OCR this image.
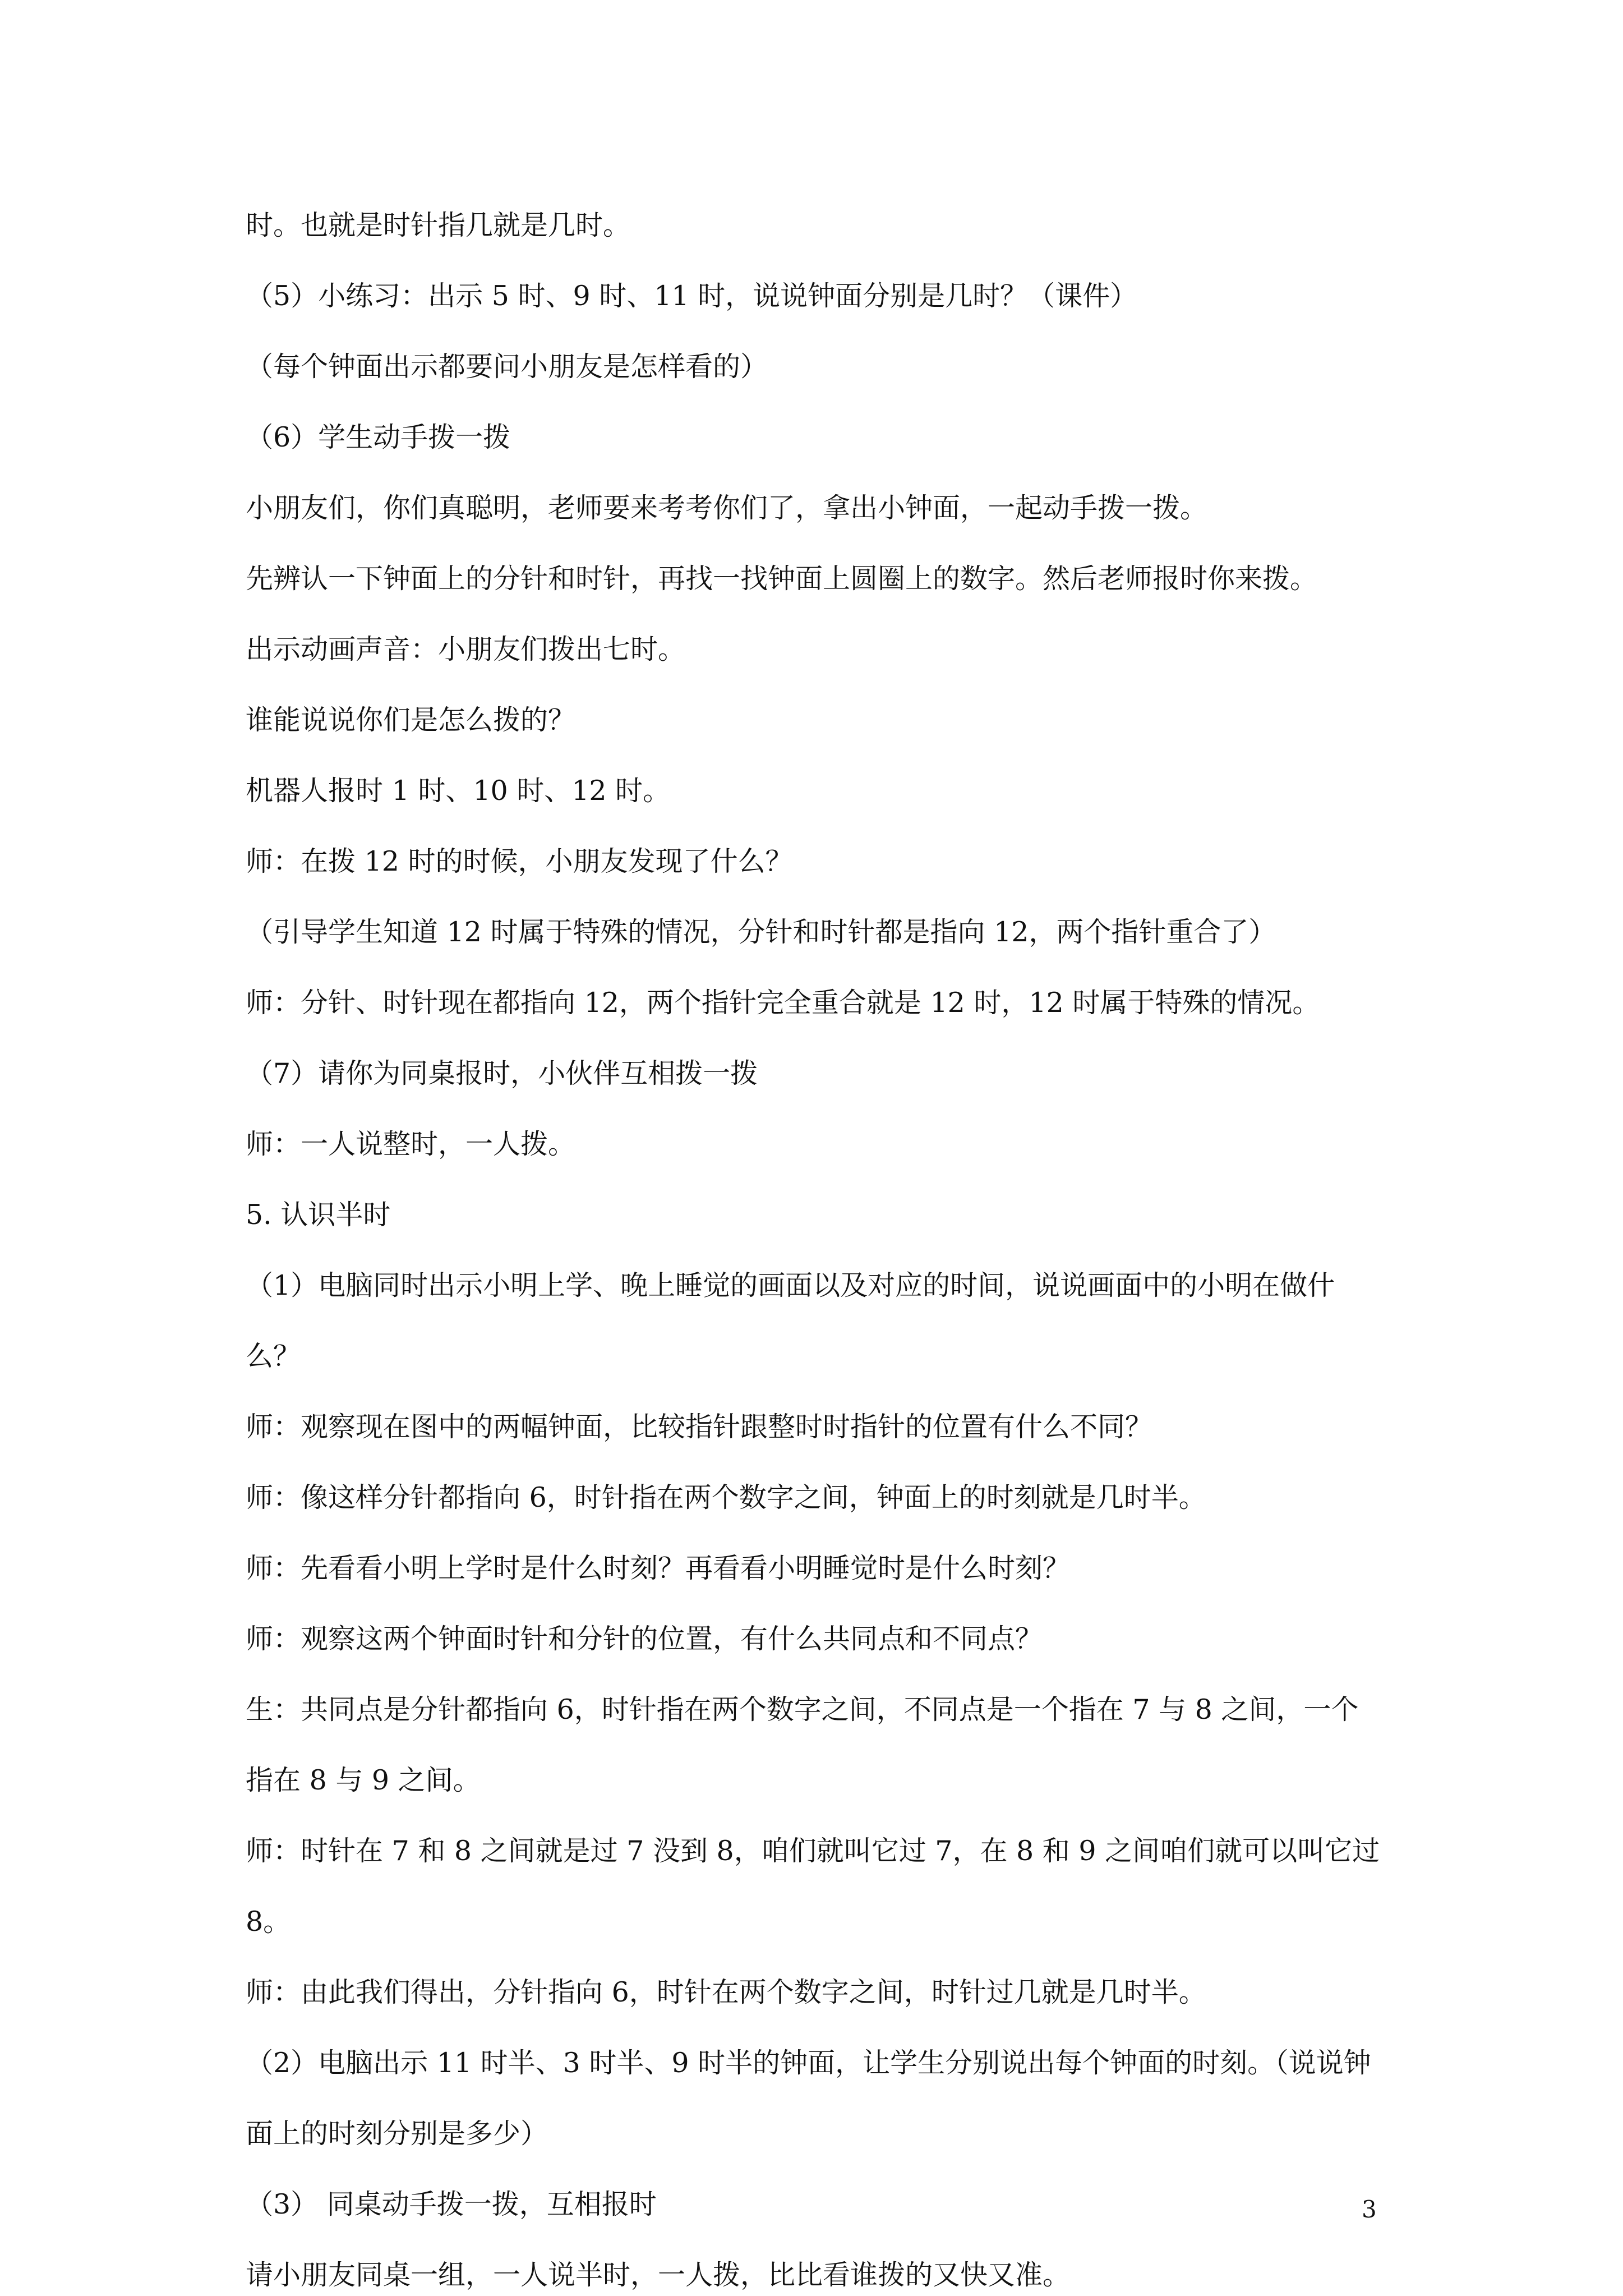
时。也就是时针指几就是几时。

（5）小练习：出示 5 时、9 时、11 时，说说钟面分别是几时？（课件）

（每个钟面出示都要问小朋友是怎样看的）

（6）学生动手拨一拨

小朋友们，你们真聪明，老师要来考考你们了，拿出小钟面，一起动手拨一拨。

先辨认一下钟面上的分针和时针，再找一找钟面上圆圈上的数字。然后老师报时你来拨。

出示动画声音：小朋友们拨出七时。

谁能说说你们是怎么拨的？

机器人报时 1 时、10 时、12 时。

师：在拨 12 时的时候，小朋友发现了什么？

（引导学生知道 12 时属于特殊的情况，分针和时针都是指向 12，两个指针重合了）

师：分针、时针现在都指向 12，两个指针完全重合就是 12 时，12 时属于特殊的情况。

（7）请你为同桌报时，小伙伴互相拨一拨

师：一人说整时，一人拨。

5. 认识半时

（1）电脑同时出示小明上学、晚上睡觉的画面以及对应的时间，说说画面中的小明在做什

么？

师：观察现在图中的两幅钟面，比较指针跟整时时指针的位置有什么不同？

师：像这样分针都指向 6，时针指在两个数字之间，钟面上的时刻就是几时半。

师：先看看小明上学时是什么时刻？再看看小明睡觉时是什么时刻？

师：观察这两个钟面时针和分针的位置，有什么共同点和不同点？

生：共同点是分针都指向 6，时针指在两个数字之间，不同点是一个指在 7 与 8 之间，一个

指在 8 与 9 之间。

师：时针在 7 和 8 之间就是过 7 没到 8，咱们就叫它过 7，在 8 和 9 之间咱们就可以叫它过

8。

师：由此我们得出，分针指向 6，时针在两个数字之间，时针过几就是几时半。

（2）电脑出示 11 时半、3 时半、9 时半的钟面，让学生分别说出每个钟面的时刻。（说说钟

面上的时刻分别是多少）

（3） 同桌动手拨一拨，互相报时

请小朋友同桌一组，一人说半时，一人拨，比比看谁拨的又快又准。

3
